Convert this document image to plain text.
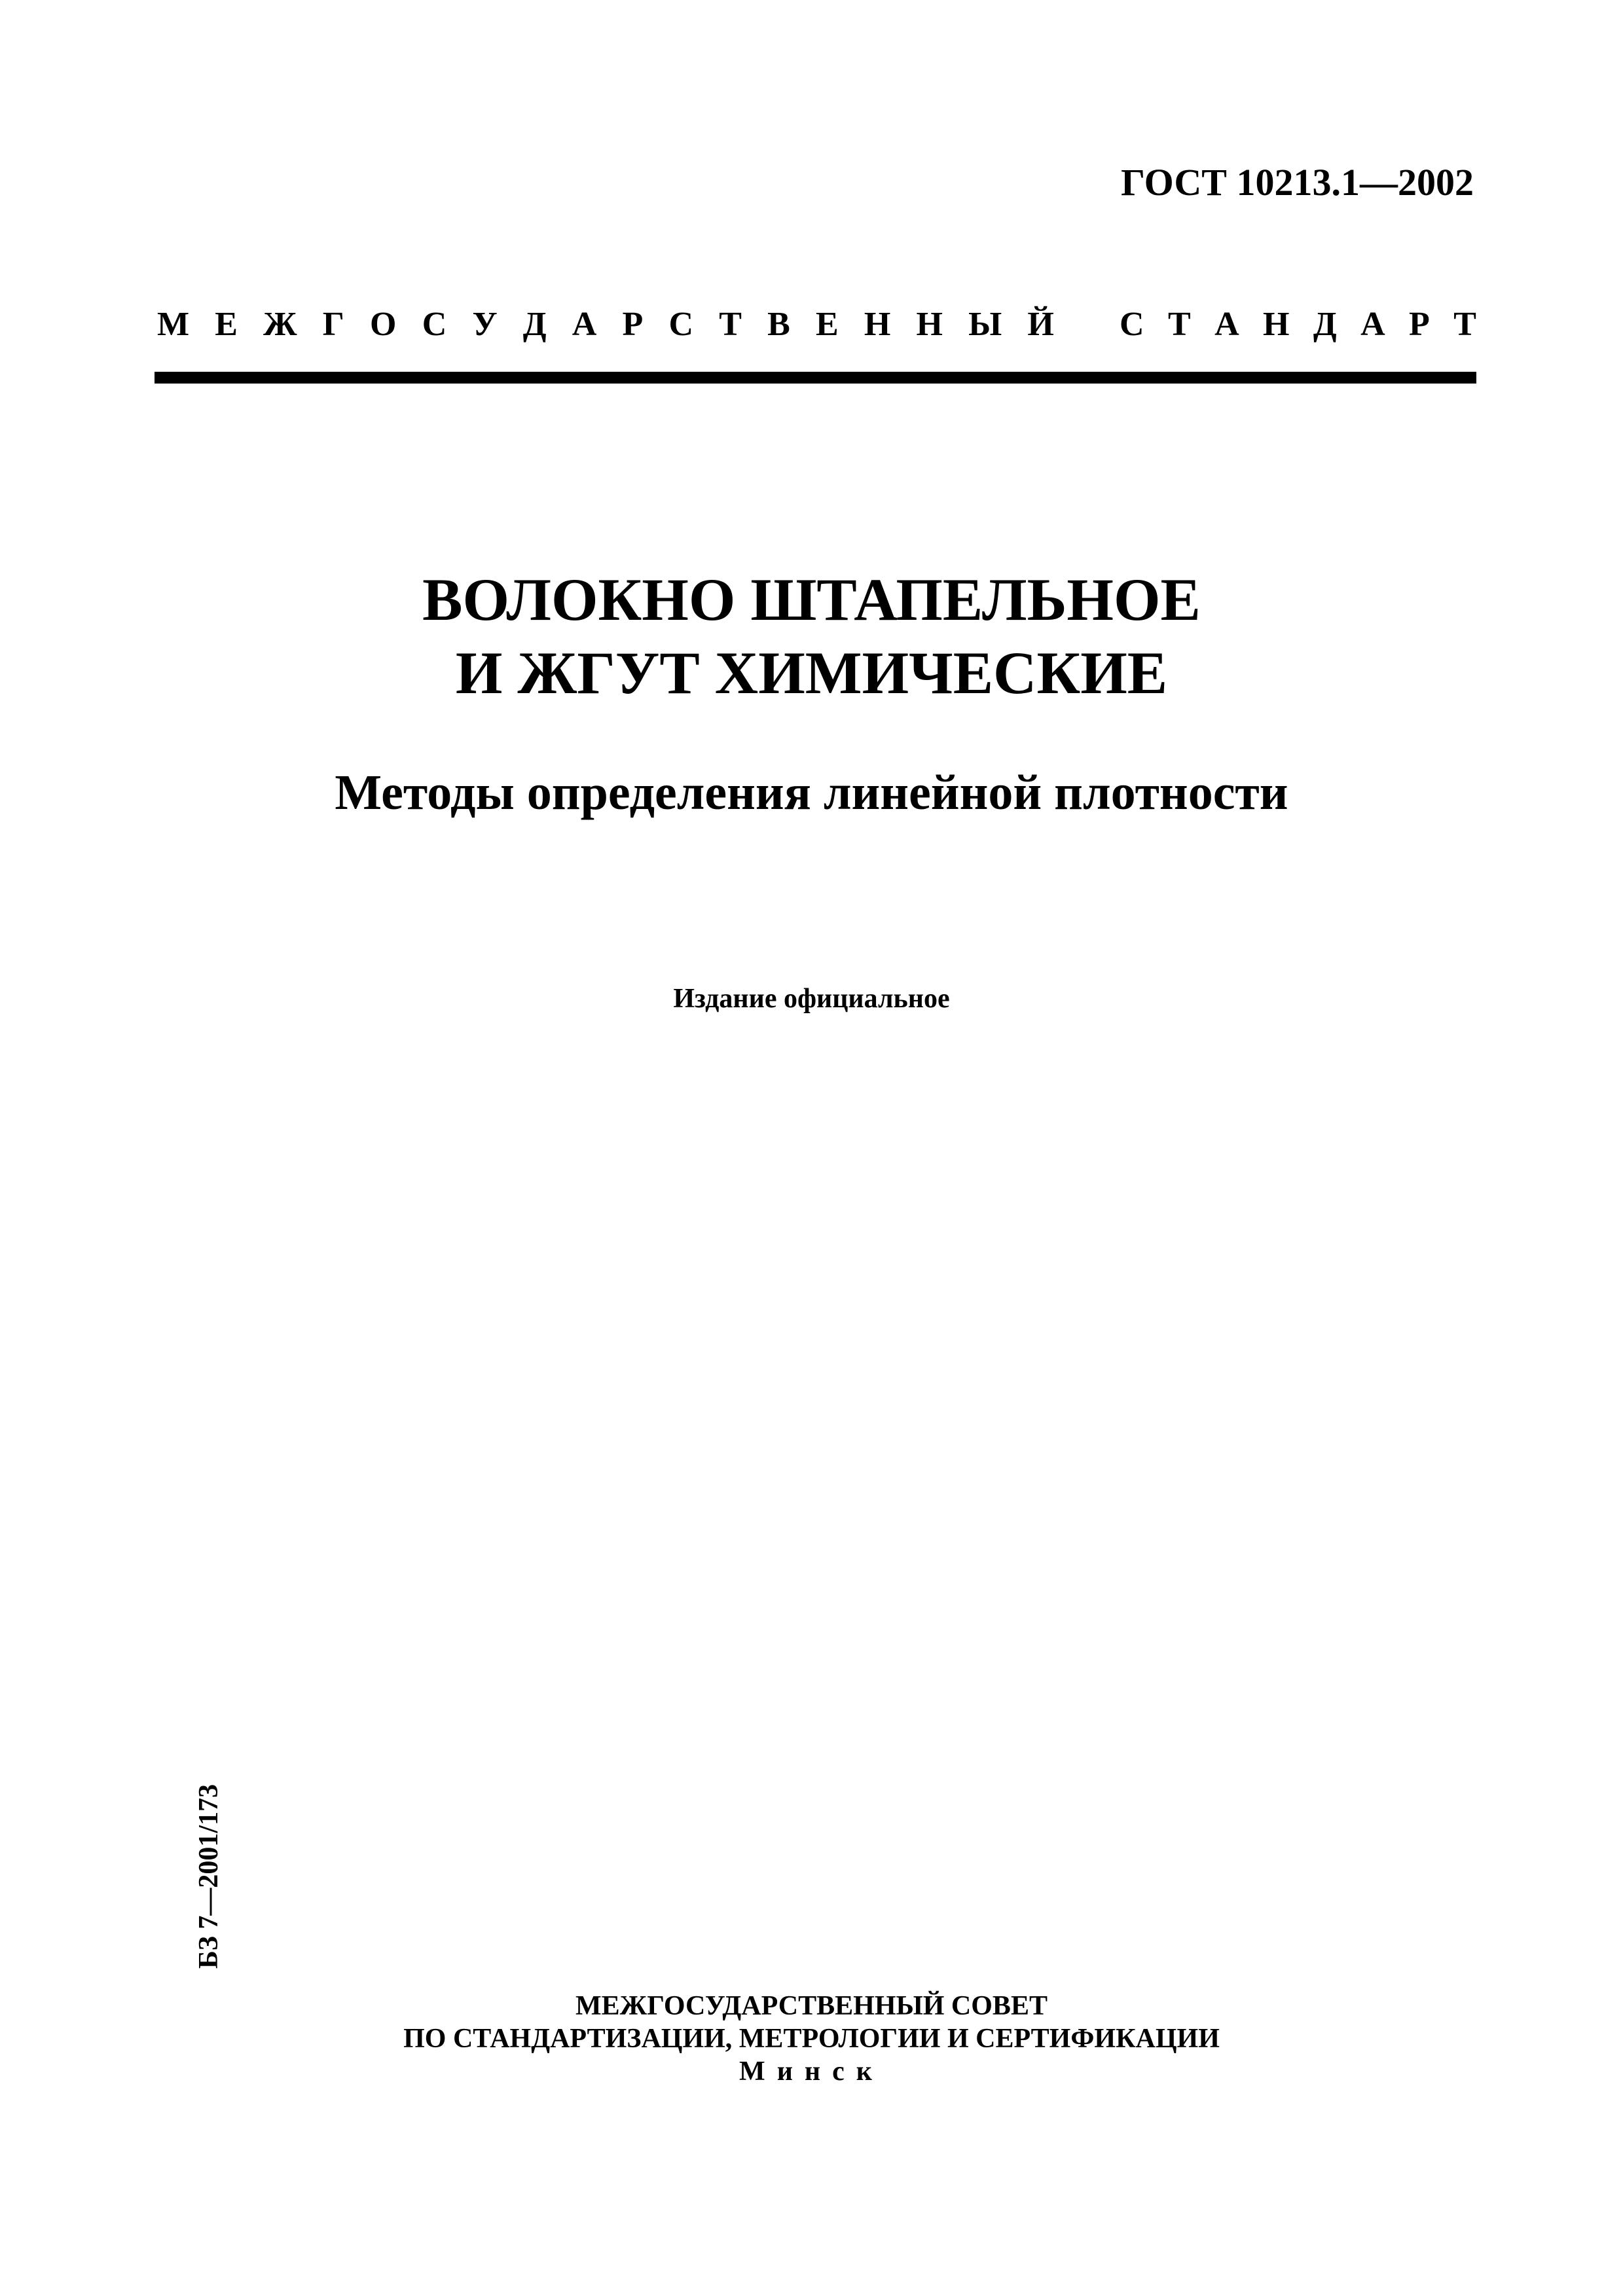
ГОСТ 10213.1—2002
М Е Ж Г О С У Д А Р С Т В Е Н Н Ы Й С Т А Н Д А Р Т
ВОЛОКНО ШТАПЕЛЬНОЕ
И ЖГУТ ХИМИЧЕСКИЕ
Методы определения линейной плотности
Издание официальное
БЗ 7—2001/173
МЕЖГОСУДАРСТВЕННЫЙ СОВЕТ
ПО СТАНДАРТИЗАЦИИ, МЕТРОЛОГИИ И СЕРТИФИКАЦИИ
Минск
